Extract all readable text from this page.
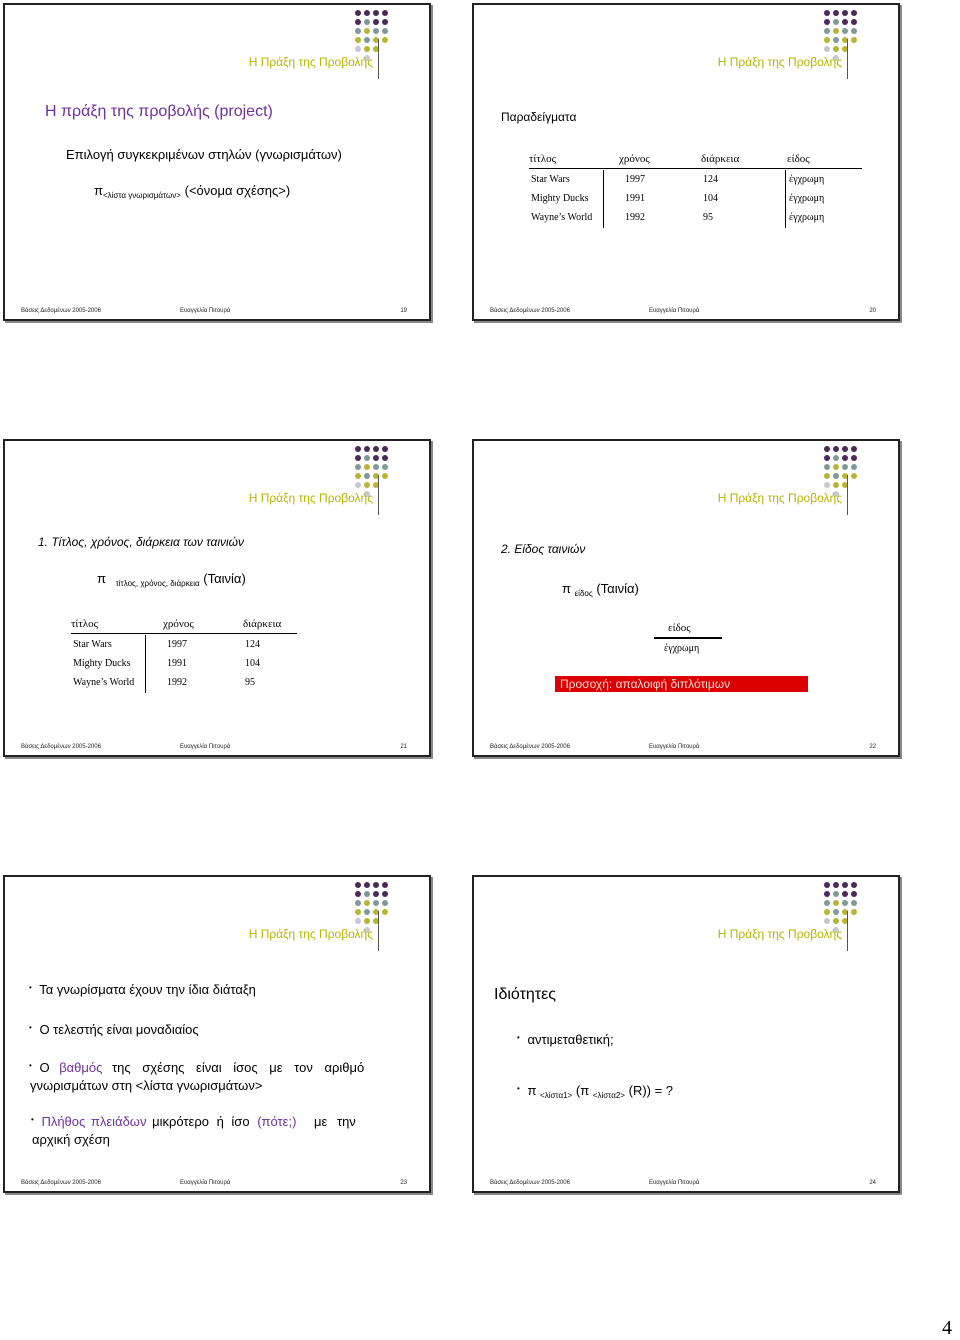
Η Πράξη της Προβολής
Η πράξη της προβολής (project)
Επιλογή συγκεκριμένων στηλών (γνωρισμάτων)
$\pi_{<\lambda ί\sigma\tau\alpha \gamma\nu\omega\rho\iota\sigma\mu ά\tau\omega\nu>}$ (<όνομα σχέσης>)
Βάσεις Δεδομένων 2005-2006	Ευαγγελία Πιτουρά	19
Η Πράξη της Προβολής
Παραδείγματα
τίτλος	χρόνος	διάρκεια	είδος
Star Wars	1997	124	έγχρωμη
Mighty Ducks	1991	104	έγχρωμη
Wayne’s World	1992	95	έγχρωμη
Βάσεις Δεδομένων 2005-2006	Ευαγγελία Πιτουρά	20
Η Πράξη της Προβολής
1. Τίτλος, χρόνος, διάρκεια των ταινιών
π $_{\tau ί\tau\lambda o\varsigma, \chi\rho ό\nu o\varsigma, \delta\iota ά\rho\kappa\varepsilon\iota\alpha}$ (Ταινία)
τίτλος	χρόνος	διάρκεια
Star Wars	1997	124
Mighty Ducks	1991	104
Wayne’s World	1992	95
Βάσεις Δεδομένων 2005-2006	Ευαγγελία Πιτουρά	21
Η Πράξη της Προβολής
2. Είδος ταινιών
π $_{\varepsilon ί\delta o\varsigma}$ (Ταινία)
είδος
έγχρωμη
Προσοχή: απαλοιφή διπλότιμων
Βάσεις Δεδομένων 2005-2006	Ευαγγελία Πιτουρά	22
Η Πράξη της Προβολής
• Τα γνωρίσματα έχουν την ίδια διάταξη
• Ο τελεστής είναι μοναδιαίος
• Ο βαθμός της σχέσης είναι ίσος με τον αριθμό
γνωρισμάτων στη <λίστα γνωρισμάτων>
• Πλήθος πλειάδων μικρότερο ή ίσο (πότε;) με την
αρχική σχέση
Βάσεις Δεδομένων 2005-2006	Ευαγγελία Πιτουρά	23
Η Πράξη της Προβολής
Ιδιότητες
• αντιμεταθετική;
• π $_{<\lambda ί\sigma\tau\alpha 1>}$ (π $_{<\lambda ί\sigma\tau\alpha 2>}$ (R)) = ?
Βάσεις Δεδομένων 2005-2006	Ευαγγελία Πιτουρά	24
4
